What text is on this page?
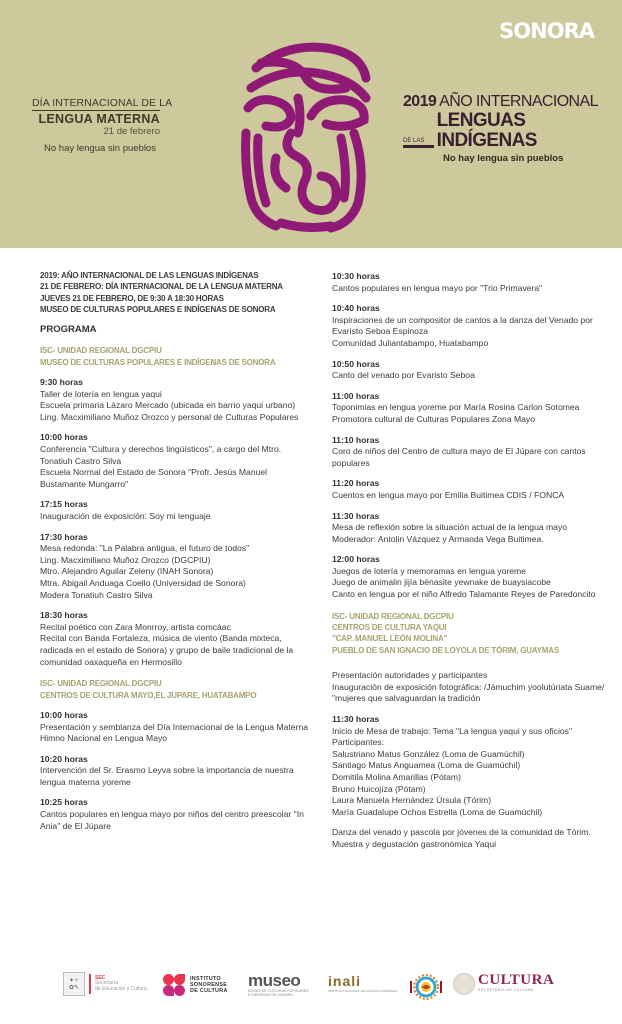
SONORA
DÍA INTERNACIONAL DE LA
LENGUA MATERNA
21 de febrero
No hay lengua sin pueblos
2019 AÑO INTERNACIONAL
DE LAS
LENGUAS INDÍGENAS
No hay lengua sin pueblos
2019: AÑO INTERNACIONAL DE LAS LENGUAS INDÍGENAS
21 DE FEBRERO: DÍA INTERNACIONAL DE LA LENGUA MATERNA
JUEVES 21 DE FEBRERO, DE 9:30 A 18:30 HORAS
MUSEO DE CULTURAS POPULARES E INDÍGENAS DE SONORA
PROGRAMA
ISC- UNIDAD REGIONAL DGCPIU
MUSEO DE CULTURAS POPULARES E INDÍGENAS DE SONORA
9:30 horas
Taller de lotería en lengua yaqui
Escuela primaria Lázaro Mercado (ubicada en barrio yaqui urbano)
Ling. Macximiliano Muñoz Orozco y personal de Culturas Populares
10:00 horas
Conferencia "Cultura y derechos lingüísticos", a cargo del Mtro. Tonatiuh Castro Silva
Escuela Normal del Estado de Sonora "Profr. Jesús Manuel Bustamante Mungarro"
17:15 horas
Inauguración de exposición: Soy mi lenguaje
17:30 horas
Mesa redonda: "La Palabra antigua, el futuro de todos"
Ling. Macximiliano Muñoz Orozco (DGCPIU)
Mtro. Alejandro Aguilar Zeleny (INAH Sonora)
Mtra. Abigail Anduaga Coello (Universidad de Sonora)
Modera Tonatiuh Castro Silva
18:30 horas
Recital poético con Zara Monrroy, artista comcáac
Recital con Banda Fortaleza, música de viento (Banda mixteca, radicada en el estado de Sonora) y grupo de baile tradicional de la comunidad oaxaqueña en Hermosillo
ISC- UNIDAD REGIONAL DGCPIU
CENTROS DE CULTURA MAYO,EL JUPARE, HUATABAMPO
10:00 horas
Presentación y semblanza del Día Internacional de la Lengua Materna
Himno Nacional en Lengua Mayo
10:20 horas
Intervención del Sr. Erasmo Leyva sobre la importancia de nuestra lengua materna yoreme
10:25 horas
Cantos populares en lengua mayo por niños del centro preescolar "In Ania" de El Júpare
10:30 horas
Cantos populares en lengua mayo por "Trio Primavera"
10:40 horas
Inspiraciones de un compositor de cantos a la danza del Venado por Evaristo Seboa Espinoza
Comunidad Juliantabampo, Huatabampo
10:50 horas
Canto del venado por Evaristo Seboa
11:00 horas
Toponimias en lengua yoreme por María Rosina Carlon Sotomea
Promotora cultural de Culturas Populares Zona Mayo
11:10 horas
Coro de niños del Centro de cultura mayo de El Júpare con cantos populares
11:20 horas
Cuentos en lengua mayo por Emilia Buitimea CDIS / FONCA
11:30 horas
Mesa de reflexión sobre la situación actual de la lengua mayo
Moderador: Antolin Vázquez y Armanda Vega Buitimea.
12:00 horas
Juegos de lotería y memoramas en lengua yoreme
Juego de animalin jijía bénasite yewnake de buaysiacobe
Canto en lengua por el niño Alfredo Talamante Reyes de Paredoncito
ISC- UNIDAD REGIONAL DGCPIU
CENTROS DE CULTURA YAQUI
"CAP. MANUEL LEÓN MOLINA"
PUEBLO DE SAN IGNACIO DE LOYOLA DE TÓRIM, GUAYMAS
Presentación autoridades y participantes
Inauguración de exposición fotográfica: /Jámuchim yoolutúriata Suame/ "mujeres que salvaguardan la tradición
11:30 horas
Inicio de Mesa de trabajo: Tema "La lengua yaqui y sus oficios"
Participantes:
Salustriano Matus González (Loma de Guamúchil)
Santiago Matus Anguamea (Loma de Guamúchil)
Domitila Molina Amarillas (Pótam)
Bruno Huicojíza (Pótam)
Laura Manuela Hernández Úrsula (Tórim)
María Guadalupe Ochoa Estrella (Loma de Guamúchil)
Danza del venado y pascola por jóvenes de la comunidad de Tórim.
Muestra y degustación gastronómica Yaqui
✦✧
✿✎
SEC
Secretaría
de Educación y Cultura
INSTITUTO
SONORENSE
DE CULTURA
museo
MUSEO DE CULTURAS POPULARES
E INDÍGENAS DE SONORA
inali
INSTITUTO NACIONAL DE LENGUAS INDÍGENAS
CULTURA
SECRETARÍA DE CULTURA
